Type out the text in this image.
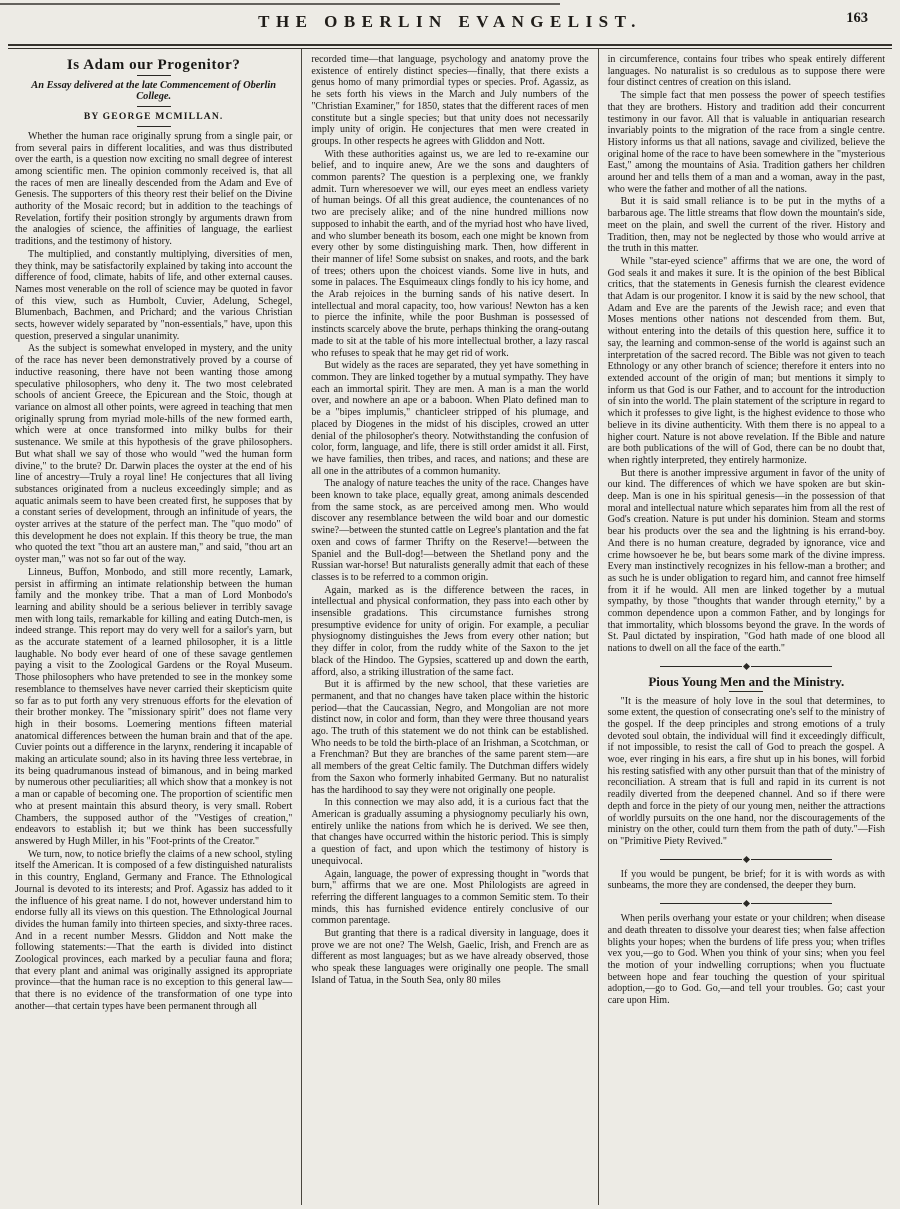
THE OBERLIN EVANGELIST.	163
Is Adam our Progenitor?
An Essay delivered at the late Commencement of Oberlin College.
BY GEORGE MCMILLAN.

Whether the human race originally sprung from a single pair, or from several pairs in different localities, and was thus distributed over the earth, is a question now exciting no small degree of interest among scientific men. The opinion commonly received is, that all the races of men are lineally descended from the Adam and Eve of Genesis. The supporters of this theory rest their belief on the Divine authority of the Mosaic record; but in addition to the teachings of Revelation, fortify their position strongly by arguments drawn from the analogies of science, the affinities of language, the earliest traditions, and the testimony of history.

The multiplied, and constantly multiplying, diversities of men, they think, may be satisfactorily explained by taking into account the difference of food, climate, habits of life, and other external causes. Names most venerable on the roll of science may be quoted in favor of this view, such as Humbolt, Cuvier, Adelung, Schegel, Blumenbach, Bachmen, and Prichard; and the various Christian sects, however widely separated by "non-essentials," have, upon this question, preserved a singular unanimity.

As the subject is somewhat enveloped in mystery, and the unity of the race has never been demonstratively proved by a course of inductive reasoning, there have not been wanting those among speculative philosophers, who deny it. The two most celebrated schools of ancient Greece, the Epicurean and the Stoic, though at variance on almost all other points, were agreed in teaching that men originally sprung from myriad mole-hills of the new formed earth, which were at once transformed into milky bulbs for their sustenance. We smile at this hypothesis of the grave philosophers. But what shall we say of those who would "wed the human form divine," to the brute? Dr. Darwin places the oyster at the end of his line of ancestry—Truly a royal line! He conjectures that all living substances originated from a nucleus exceedingly simple; and as aquatic animals seem to have been created first, he supposes that by a constant series of development, through an infinitude of years, the oyster arrives at the stature of the perfect man. The "quo modo" of this development he does not explain. If this theory be true, the man who quoted the text "thou art an austere man," and said, "thou art an oyster man," was not so far out of the way.

Linneus, Buffon, Monbodo, and still more recently, Lamark, persist in affirming an intimate relationship between the human family and the monkey tribe. That a man of Lord Monbodo's learning and ability should be a serious believer in terribly savage men with long tails, remarkable for killing and eating Dutch-men, is indeed strange. This report may do very well for a sailor's yarn, but as the accurate statement of a learned philosopher, it is a little laughable. No body ever heard of one of these savage gentlemen paying a visit to the Zoological Gardens or the Royal Museum. Those philosophers who have pretended to see in the monkey some resemblance to themselves have never carried their skepticism quite so far as to put forth any very strenuous efforts for the elevation of their brother monkey. The "missionary spirit" does not flame very high in their bosoms. Loemering mentions fifteen material anatomical differences between the human brain and that of the ape. Cuvier points out a difference in the larynx, rendering it incapable of making an articulate sound; also in its having three less vertebrae, in its being quadrumanous instead of bimanous, and in being marked by numerous other peculiarities; all which show that a monkey is not a man or capable of becoming one. The proportion of scientific men who at present maintain this absurd theory, is very small. Robert Chambers, the supposed author of the "Vestiges of creation," endeavors to establish it; but we think has been successfully answered by Hugh Miller, in his "Foot-prints of the Creator."

We turn, now, to notice briefly the claims of a new school, styling itself the American. It is composed of a few distinguished naturalists in this country, England, Germany and France. The Ethnological Journal is devoted to its interests; and Prof. Agassiz has added to it the influence of his great name. I do not, however understand him to endorse fully all its views on this question. The Ethnological Journal divides the human family into thirteen species, and sixty-three races. And in a recent number Messrs. Gliddon and Nott make the following statements:—That the earth is divided into distinct Zoological provinces, each marked by a peculiar fauna and flora; that every plant and animal was originally assigned its appropriate province—that the human race is no exception to this general law—that there is no evidence of the transformation of one type into another—that certain types have been permanent through all

recorded time—that language, psychology and anatomy prove the existence of entirely distinct species—finally, that there exists a genus homo of many primordial types or species. Prof. Agassiz, as he sets forth his views in the March and July numbers of the "Christian Examiner," for 1850, states that the different races of men constitute but a single species; but that unity does not necessarily imply unity of origin. He conjectures that men were created in groups. In other respects he agrees with Gliddon and Nott.

With these authorities against us, we are led to re-examine our belief, and to inquire anew, Are we the sons and daughters of common parents? The question is a perplexing one, we frankly admit. Turn wheresoever we will, our eyes meet an endless variety of human beings. Of all this great audience, the countenances of no two are precisely alike; and of the nine hundred millions now supposed to inhabit the earth, and of the myriad host who have lived, and who slumber beneath its bosom, each one might be known from every other by some distinguishing mark. Then, how different in their manner of life! Some subsist on snakes, and roots, and the bark of trees; others upon the choicest viands. Some live in huts, and some in palaces. The Esquimeaux clings fondly to his icy home, and the Arab rejoices in the burning sands of his native desert. In intellectual and moral capacity, too, how various! Newton has a ken to pierce the infinite, while the poor Bushman is possessed of instincts scarcely above the brute, perhaps thinking the orang-outang made to sit at the table of his more intellectual brother, a lazy rascal who refuses to speak that he may get rid of work.

But widely as the races are separated, they yet have something in common. They are linked together by a mutual sympathy. They have each an immortal spirit. They are men. A man is a man the world over, and nowhere an ape or a baboon. When Plato defined man to be a "bipes implumis," chanticleer stripped of his plumage, and placed by Diogenes in the midst of his disciples, crowed an utter denial of the philosopher's theory. Notwithstanding the confusion of color, form, language, and life, there is still order amidst it all. First, we have families, then tribes, and races, and nations; and these are all one in the attributes of a common humanity.

The analogy of nature teaches the unity of the race. Changes have been known to take place, equally great, among animals descended from the same stock, as are perceived among men. Who would discover any resemblance between the wild boar and our domestic swine?—between the stunted cattle on Legree's plantation and the fat oxen and cows of farmer Thrifty on the Reserve!—between the Spaniel and the Bull-dog!—between the Shetland pony and the Russian war-horse! But naturalists generally admit that each of these classes is to be referred to a common origin.

Again, marked as is the difference between the races, in intellectual and physical conformation, they pass into each other by insensible gradations. This circumstance furnishes strong presumptive evidence for unity of origin. For example, a peculiar physiognomy distinguishes the Jews from every other nation; but they differ in color, from the ruddy white of the Saxon to the jet black of the Hindoo. The Gypsies, scattered up and down the earth, afford, also, a striking illustration of the same fact.

But it is affirmed by the new school, that these varieties are permanent, and that no changes have taken place within the historic period—that the Caucassian, Negro, and Mongolian are not more distinct now, in color and form, than they were three thousand years ago. The truth of this statement we do not think can be established. Who needs to be told the birth-place of an Irishman, a Scotchman, or a Frenchman? But they are branches of the same parent stem—are all members of the great Celtic family. The Dutchman differs widely from the Saxon who formerly inhabited Germany. But no naturalist has the hardihood to say they were not originally one people.

In this connection we may also add, it is a curious fact that the American is gradually assuming a physiognomy peculiarly his own, entirely unlike the nations from which he is derived. We see then, that changes have occurred within the historic period. This is simply a question of fact, and upon which the testimony of history is unequivocal.

Again, language, the power of expressing thought in "words that burn," affirms that we are one. Most Philologists are agreed in referring the different languages to a common Semitic stem. To their minds, this has furnished evidence entirely conclusive of our common parentage.

But granting that there is a radical diversity in language, does it prove we are not one? The Welsh, Gaelic, Irish, and French are as different as most languages; but as we have already observed, those who speak these languages were originally one people. The small Island of Tatua, in the South Sea, only 80 miles

in circumference, contains four tribes who speak entirely different languages. No naturalist is so credulous as to suppose there were four distinct centres of creation on this island.

The simple fact that men possess the power of speech testifies that they are brothers. History and tradition add their concurrent testimony in our favor. All that is valuable in antiquarian research invariably points to the migration of the race from a single centre. History informs us that all nations, savage and civilized, believe the original home of the race to have been somewhere in the "mysterious East," among the mountains of Asia. Tradition gathers her children around her and tells them of a man and a woman, away in the past, who were the father and mother of all the nations.

But it is said small reliance is to be put in the myths of a barbarous age. The little streams that flow down the mountain's side, meet on the plain, and swell the current of the river. History and Tradition, then, may not be neglected by those who would arrive at the truth in this matter.

While "star-eyed science" affirms that we are one, the word of God seals it and makes it sure. It is the opinion of the best Biblical critics, that the statements in Genesis furnish the clearest evidence that Adam is our progenitor. I know it is said by the new school, that Adam and Eve are the parents of the Jewish race; and even that Moses mentions other nations not descended from them. But, without entering into the details of this question here, suffice it to say, the learning and common-sense of the world is against such an interpretation of the sacred record. The Bible was not given to teach Ethnology or any other branch of science; therefore it enters into no extended account of the origin of man; but mentions it simply to inform us that God is our Father, and to account for the introduction of sin into the world. The plain statement of the scripture in regard to which it professes to give light, is the highest evidence to those who believe in its divine authenticity. With them there is no appeal to a higher court. Nature is not above revelation. If the Bible and nature are both publications of the will of God, there can be no doubt that, when rightly interpreted, they entirely harmonize.

But there is another impressive argument in favor of the unity of our kind. The differences of which we have spoken are but skin-deep. Man is one in his spiritual genesis—in the possession of that moral and intellectual nature which separates him from all the rest of God's creation. Nature is put under his dominion. Steam and storms bear his products over the sea and the lightning is his errand-boy. And there is no human creature, degraded by ignorance, vice and crime howsoever he be, but bears some mark of the divine impress. Every man instinctively recognizes in his fellow-man a brother; and as such he is under obligation to regard him, and cannot free himself from it if he would. All men are linked together by a mutual sympathy, by those "thoughts that wander through eternity," by a common dependence upon a common Father, and by longings for that immortality, which blossoms beyond the grave. In the words of St. Paul dictated by inspiration, "God hath made of one blood all nations to dwell on all the face of the earth."

Pious Young Men and the Ministry.

"It is the measure of holy love in the soul that determines, to some extent, the question of consecrating one's self to the ministry of the gospel. If the deep principles and strong emotions of a truly devoted soul obtain, the individual will find it exceedingly difficult, if not impossible, to resist the call of God to preach the gospel. A woe, ever ringing in his ears, a fire shut up in his bones, will forbid his resting satisfied with any other pursuit than that of the ministry of reconciliation. A stream that is full and rapid in its current is not readily diverted from the deepened channel. And so if there were depth and force in the piety of our young men, neither the attractions of worldly pursuits on the one hand, nor the discouragements of the ministry on the other, could turn them from the path of duty."—Fish on "Primitive Piety Revived."

If you would be pungent, be brief; for it is with words as with sunbeams, the more they are condensed, the deeper they burn.

When perils overhang your estate or your children; when disease and death threaten to dissolve your dearest ties; when false affection blights your hopes; when the burdens of life press you; when trifles vex you,—go to God. When you think of your sins; when you feel the motion of your indwelling corruptions; when you fluctuate between hope and fear touching the question of your spiritual adoption,—go to God. Go,—and tell your troubles. Go; cast your care upon Him.
